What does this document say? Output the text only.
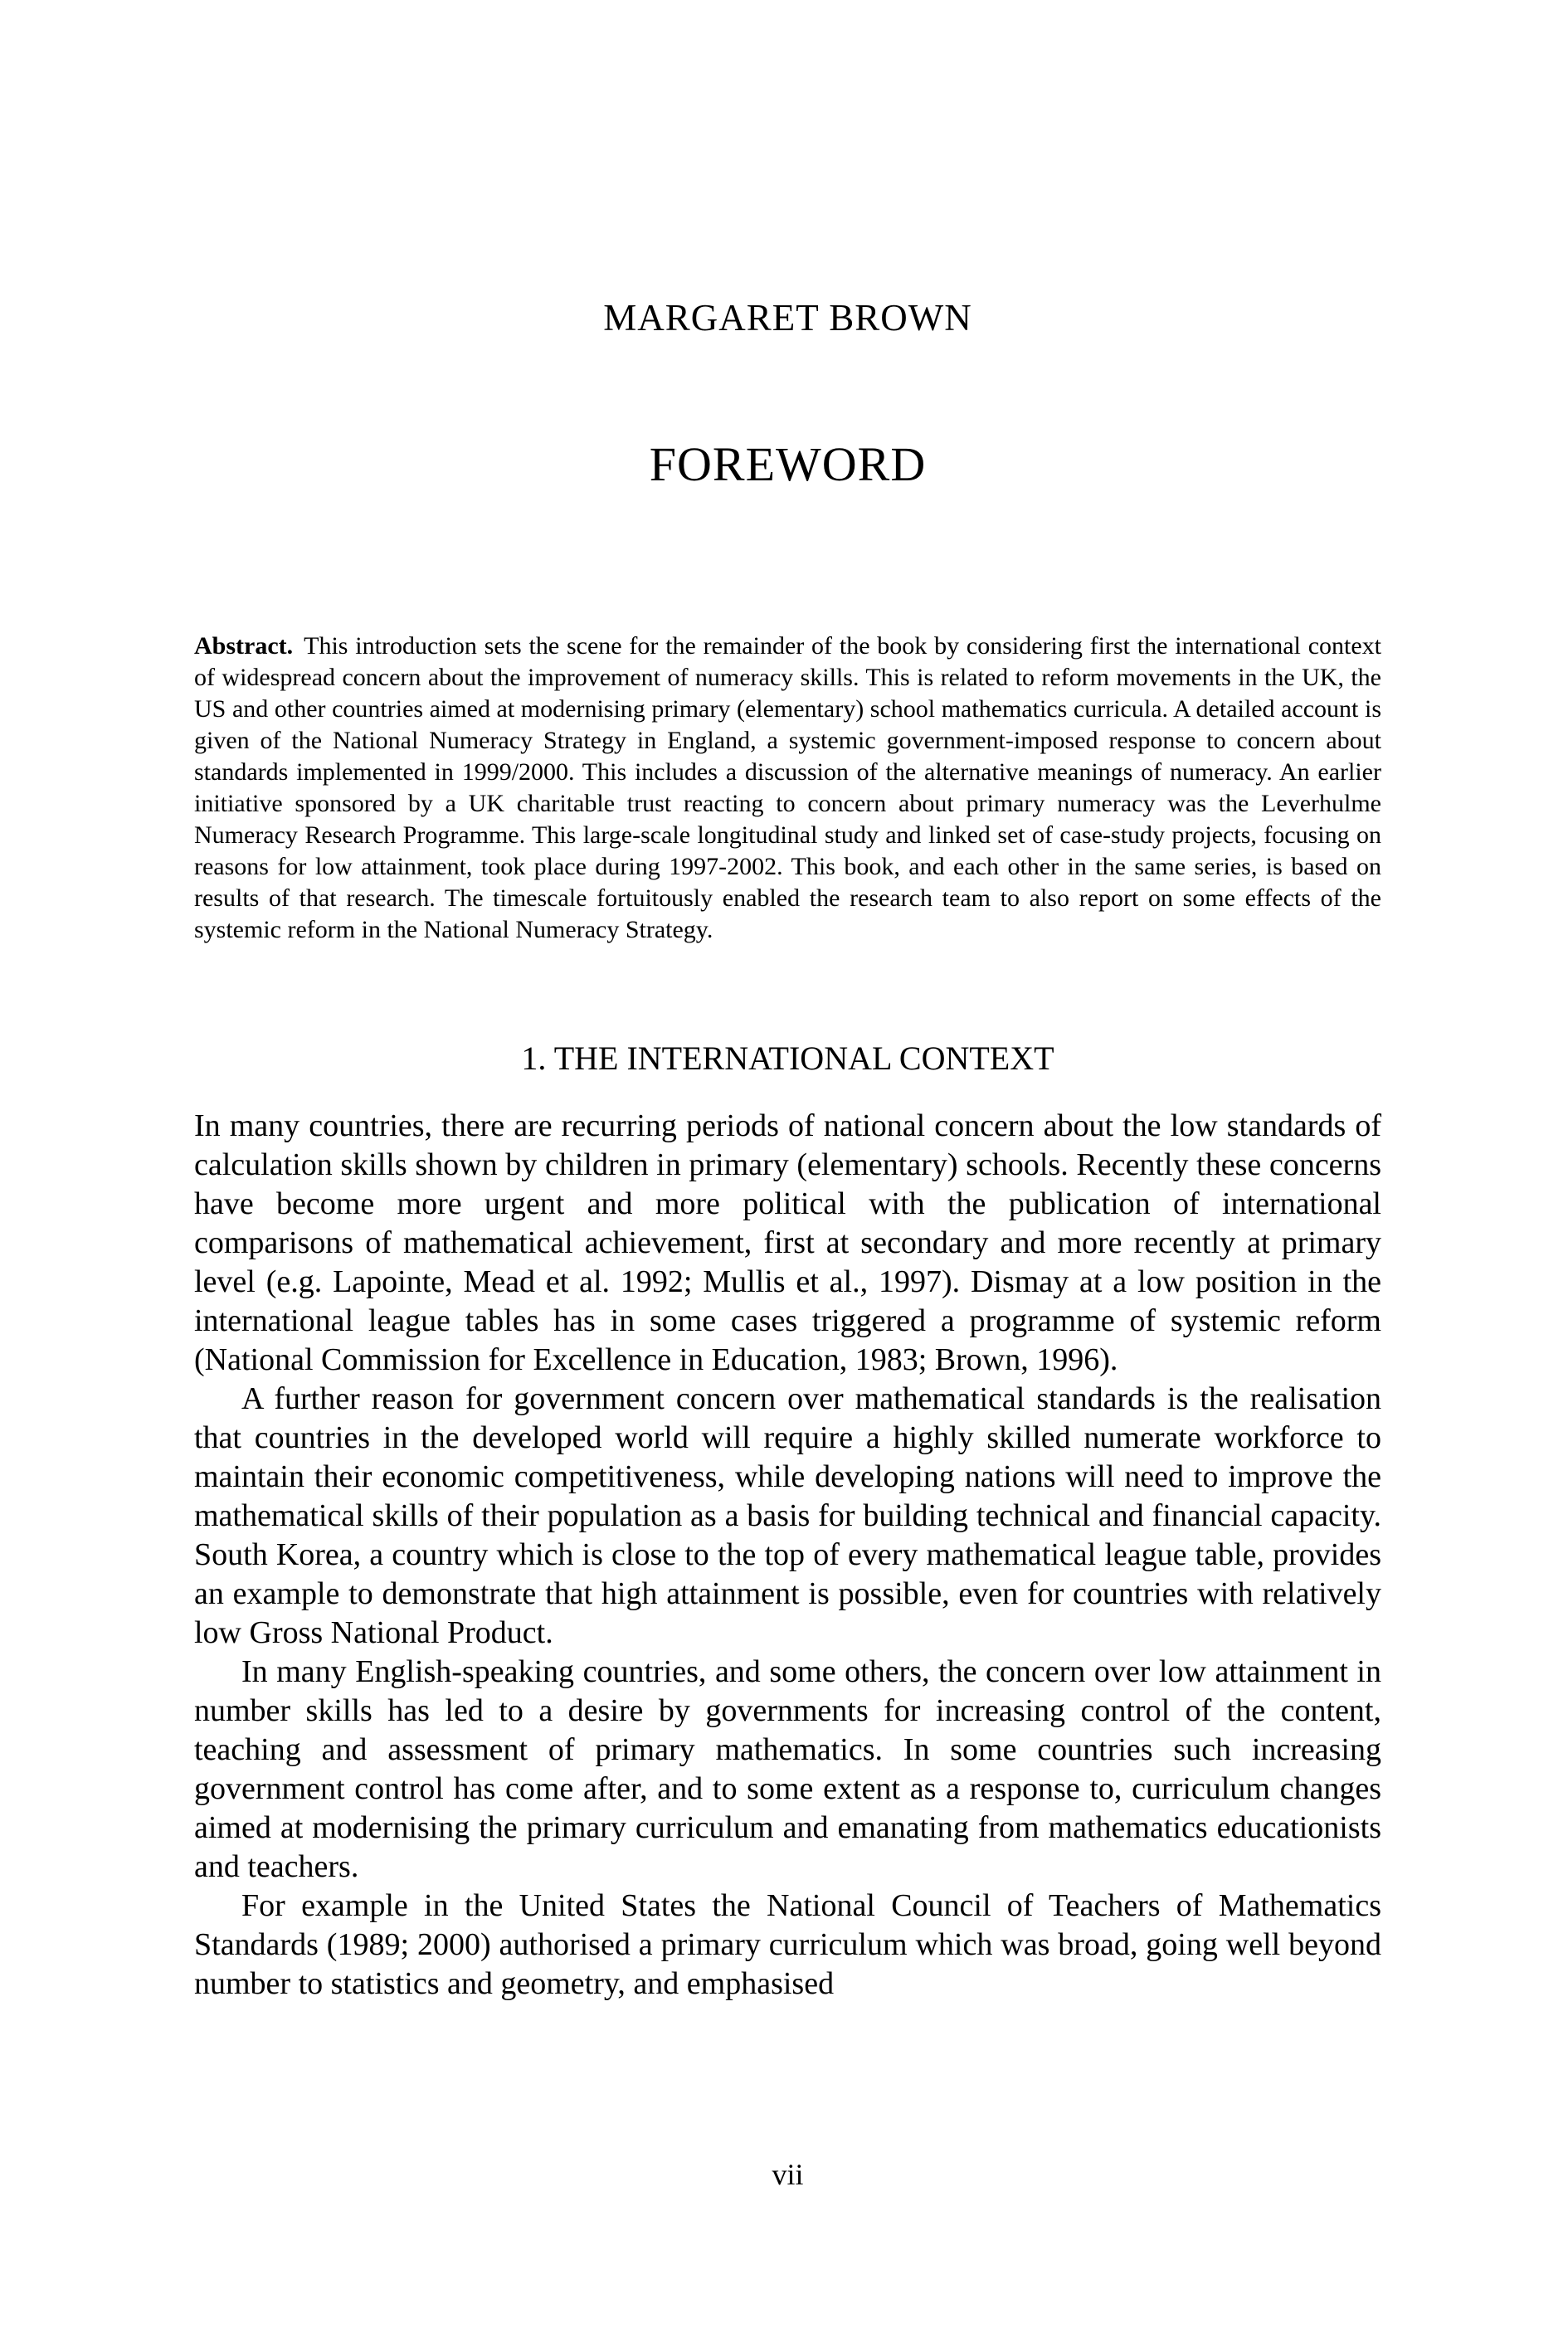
MARGARET BROWN
FOREWORD
Abstract. This introduction sets the scene for the remainder of the book by considering first the international context of widespread concern about the improvement of numeracy skills. This is related to reform movements in the UK, the US and other countries aimed at modernising primary (elementary) school mathematics curricula. A detailed account is given of the National Numeracy Strategy in England, a systemic government-imposed response to concern about standards implemented in 1999/2000. This includes a discussion of the alternative meanings of numeracy. An earlier initiative sponsored by a UK charitable trust reacting to concern about primary numeracy was the Leverhulme Numeracy Research Programme. This large-scale longitudinal study and linked set of case-study projects, focusing on reasons for low attainment, took place during 1997-2002. This book, and each other in the same series, is based on results of that research. The timescale fortuitously enabled the research team to also report on some effects of the systemic reform in the National Numeracy Strategy.
1. THE INTERNATIONAL CONTEXT

In many countries, there are recurring periods of national concern about the low standards of calculation skills shown by children in primary (elementary) schools. Recently these concerns have become more urgent and more political with the publication of international comparisons of mathematical achievement, first at secondary and more recently at primary level (e.g. Lapointe, Mead et al. 1992; Mullis et al., 1997). Dismay at a low position in the international league tables has in some cases triggered a programme of systemic reform (National Commission for Excellence in Education, 1983; Brown, 1996).

A further reason for government concern over mathematical standards is the realisation that countries in the developed world will require a highly skilled numerate workforce to maintain their economic competitiveness, while developing nations will need to improve the mathematical skills of their population as a basis for building technical and financial capacity. South Korea, a country which is close to the top of every mathematical league table, provides an example to demonstrate that high attainment is possible, even for countries with relatively low Gross National Product.

In many English-speaking countries, and some others, the concern over low attainment in number skills has led to a desire by governments for increasing control of the content, teaching and assessment of primary mathematics. In some countries such increasing government control has come after, and to some extent as a response to, curriculum changes aimed at modernising the primary curriculum and emanating from mathematics educationists and teachers.

For example in the United States the National Council of Teachers of Mathematics Standards (1989; 2000) authorised a primary curriculum which was broad, going well beyond number to statistics and geometry, and emphasised

vii
